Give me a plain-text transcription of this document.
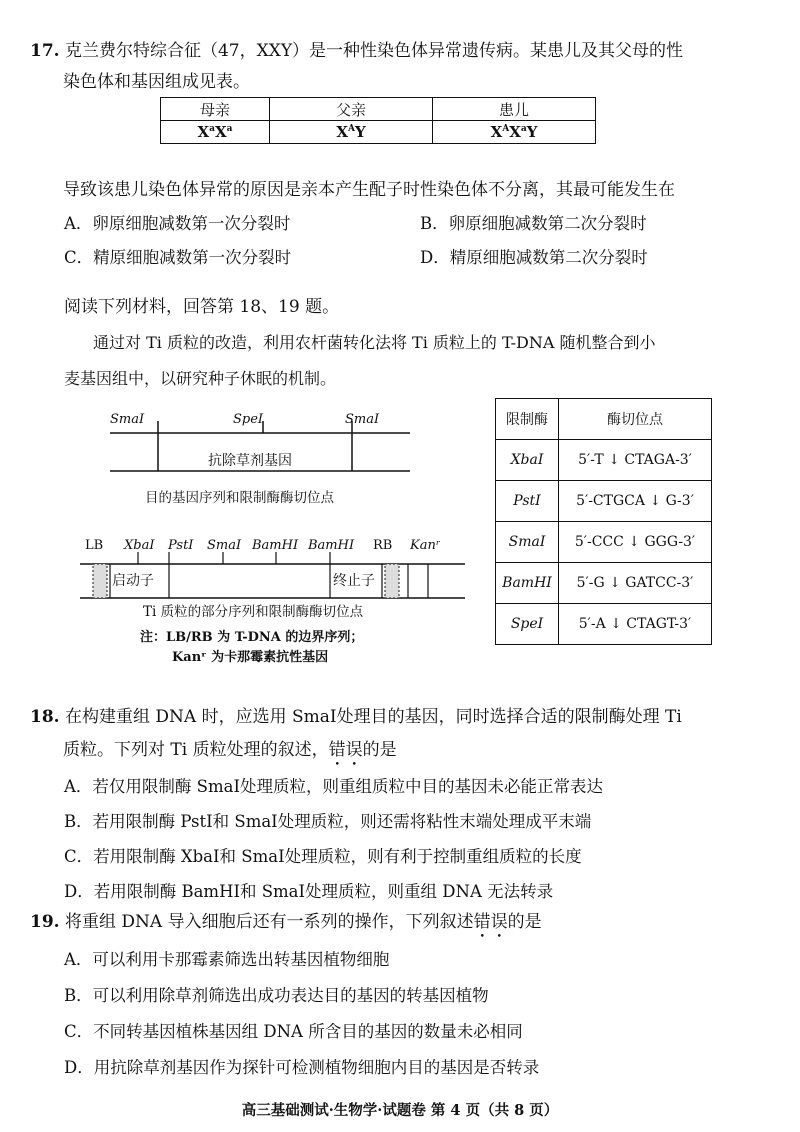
17. 克兰费尔特综合征（47，XXY）是一种性染色体异常遗传病。某患儿及其父母的性
染色体和基因组成见表。
母亲	父亲	患儿
$X^aX^a$	$X^AY$	$X^AX^aY$
导致该患儿染色体异常的原因是亲本产生配子时性染色体不分离，其最可能发生在
A．卵原细胞减数第一次分裂时	B．卵原细胞减数第二次分裂时
C．精原细胞减数第一次分裂时	D．精原细胞减数第二次分裂时
阅读下列材料，回答第 18、19 题。
通过对 Ti 质粒的改造，利用农杆菌转化法将 Ti 质粒上的 T-DNA 随机整合到小
麦基因组中，以研究种子休眠的机制。
SmaⅠ	SpeⅠ	SmaⅠ
抗除草剂基因
目的基因序列和限制酶酶切位点
LB XbaⅠ PstⅠ SmaⅠ BamHⅠ BamHⅠ RB Kanʳ
启动子	终止子
Ti 质粒的部分序列和限制酶酶切位点
注：LB/RB 为 T-DNA 的边界序列；
Kanʳ 为卡那霉素抗性基因
限制酶	酶切位点
XbaⅠ	5′-T ↓ CTAGA-3′
PstⅠ	5′-CTGCA ↓ G-3′
SmaⅠ	5′-CCC ↓ GGG-3′
BamHⅠ	5′-G ↓ GATCC-3′
SpeⅠ	5′-A ↓ CTAGT-3′
18. 在构建重组 DNA 时，应选用 SmaⅠ处理目的基因，同时选择合适的限制酶处理 Ti
质粒。下列对 Ti 质粒处理的叙述，错误的是
A．若仅用限制酶 SmaⅠ处理质粒，则重组质粒中目的基因未必能正常表达
B．若用限制酶 PstⅠ和 SmaⅠ处理质粒，则还需将粘性末端处理成平末端
C．若用限制酶 XbaⅠ和 SmaⅠ处理质粒，则有利于控制重组质粒的长度
D．若用限制酶 BamHⅠ和 SmaⅠ处理质粒，则重组 DNA 无法转录
19. 将重组 DNA 导入细胞后还有一系列的操作，下列叙述错误的是
A．可以利用卡那霉素筛选出转基因植物细胞
B．可以利用除草剂筛选出成功表达目的基因的转基因植物
C．不同转基因植株基因组 DNA 所含目的基因的数量未必相同
D．用抗除草剂基因作为探针可检测植物细胞内目的基因是否转录
高三基础测试·生物学·试题卷 第 4 页（共 8 页）
